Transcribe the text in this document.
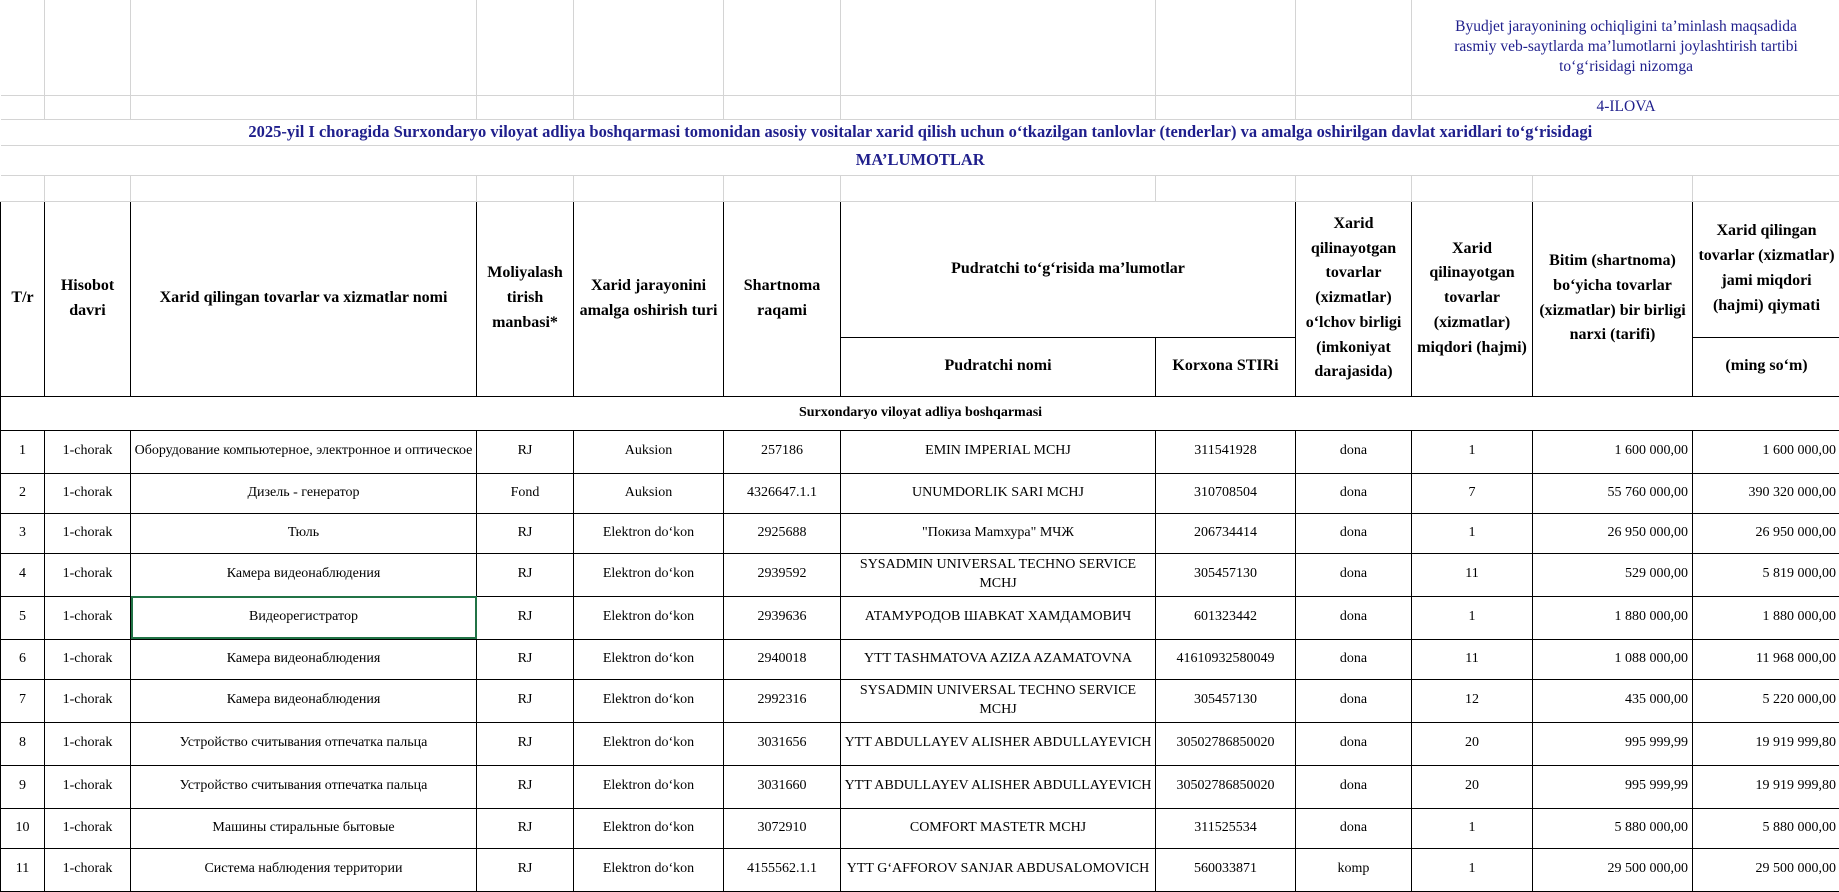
									Byudjet jarayonining ochiqligini ta’minlash maqsadida
rasmiy veb-saytlarda ma’lumotlarni joylashtirish tartibi
to‘g‘risidagi nizomga		

									4-ILOVA		
2025-yil I choragida Surxondaryo viloyat adliya boshqarmasi tomonidan asosiy vositalar xarid qilish uchun o‘tkazilgan tanlovlar (tenderlar) va amalga oshirilgan davlat xaridlari to‘g‘risidagi											
MA’LUMOTLAR											

T/r	Hisobot davri	Xarid qilingan tovarlar va xizmatlar nomi	Moliyalash tirish manbasi*	Xarid jarayonini amalga oshirish turi	Shartnoma raqami	Pudratchi to‘g‘risida ma’lumotlar		Xarid qilinayotgan tovarlar (xizmatlar) o‘lchov birligi (imkoniyat darajasida)	Xarid qilinayotgan tovarlar (xizmatlar) miqdori (hajmi)	Bitim (shartnoma) bo‘yicha tovarlar (xizmatlar) bir birligi narxi (tarifi)	Xarid qilingan tovarlar (xizmatlar) jami miqdori (hajmi) qiymati
						Pudratchi nomi	Korxona STIRi				(ming so‘m)
Surxondaryo viloyat adliya boshqarmasi											
1	1-chorak	Оборудование компьютерное, электронное и оптическое	RJ	Auksion	257186	EMIN IMPERIAL MCHJ	311541928	dona	1	1 600 000,00	1 600 000,00
2	1-chorak	Дизель - генератор	Fond	Auksion	4326647.1.1	UNUMDORLIK SARI MCHJ	310708504	dona	7	55 760 000,00	390 320 000,00
3	1-chorak	Тюль	RJ	Elektron do‘kon	2925688	"Покиза Маmхура" МЧЖ	206734414	dona	1	26 950 000,00	26 950 000,00
4	1-chorak	Камера видеонаблюдения	RJ	Elektron do‘kon	2939592	SYSADMIN UNIVERSAL TECHNO SERVICE MCHJ	305457130	dona	11	529 000,00	5 819 000,00
5	1-chorak	Видеорегистратор	RJ	Elektron do‘kon	2939636	АТАМУРОДОВ ШАВКАТ ХАМДАМОВИЧ	601323442	dona	1	1 880 000,00	1 880 000,00
6	1-chorak	Камера видеонаблюдения	RJ	Elektron do‘kon	2940018	YTT TASHMATOVA AZIZA AZAMATOVNA	41610932580049	dona	11	1 088 000,00	11 968 000,00
7	1-chorak	Камера видеонаблюдения	RJ	Elektron do‘kon	2992316	SYSADMIN UNIVERSAL TECHNO SERVICE MCHJ	305457130	dona	12	435 000,00	5 220 000,00
8	1-chorak	Устройство считывания отпечатка пальца	RJ	Elektron do‘kon	3031656	YTT ABDULLAYEV ALISHER ABDULLAYEVICH	30502786850020	dona	20	995 999,99	19 919 999,80
9	1-chorak	Устройство считывания отпечатка пальца	RJ	Elektron do‘kon	3031660	YTT ABDULLAYEV ALISHER ABDULLAYEVICH	30502786850020	dona	20	995 999,99	19 919 999,80
10	1-chorak	Машины стиральные бытовые	RJ	Elektron do‘kon	3072910	COMFORT MASTETR MCHJ	311525534	dona	1	5 880 000,00	5 880 000,00
11	1-chorak	Система наблюдения территории	RJ	Elektron do‘kon	4155562.1.1	YTT G‘AFFOROV SANJAR ABDUSALOMOVICH	560033871	komp	1	29 500 000,00	29 500 000,00
